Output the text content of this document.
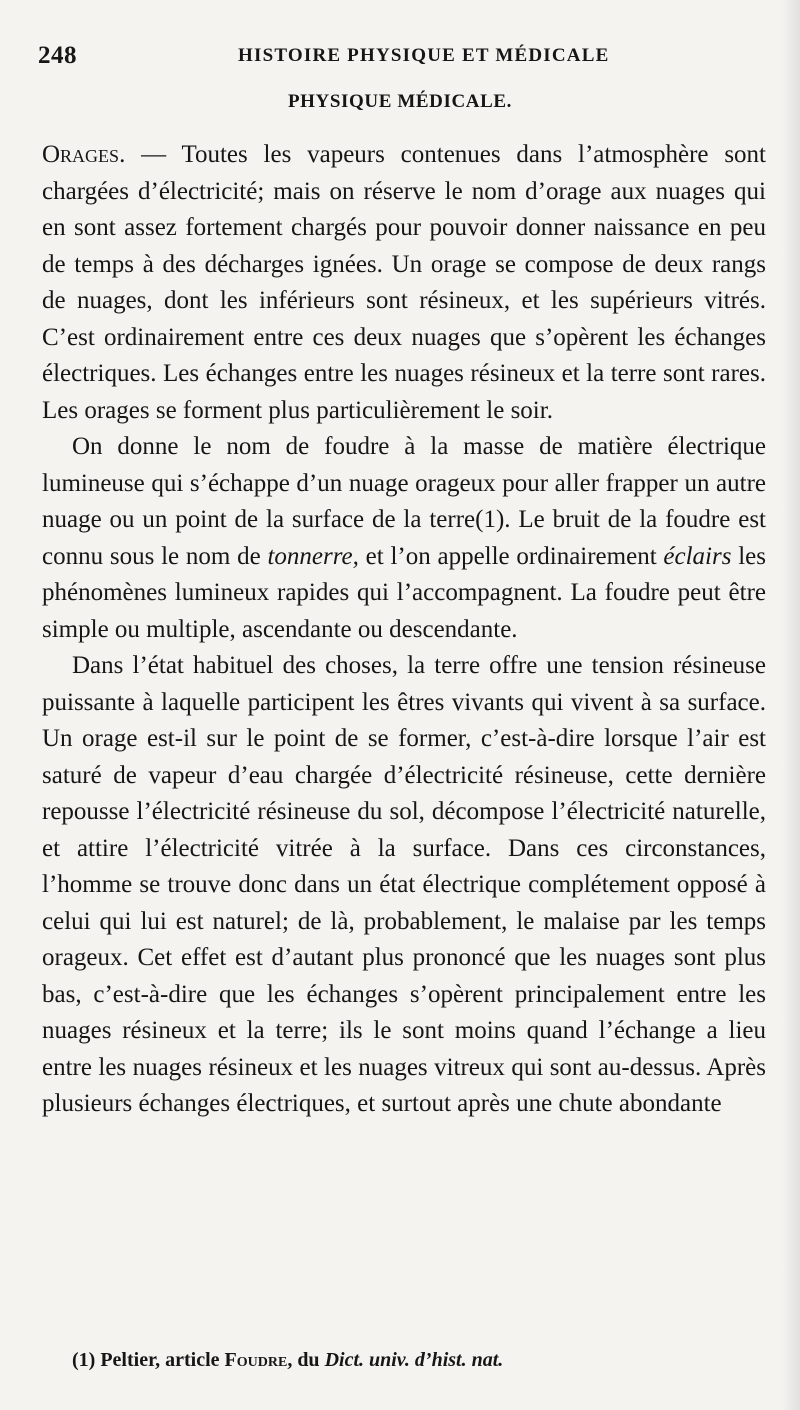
248	HISTOIRE PHYSIQUE ET MÉDICALE
PHYSIQUE MÉDICALE.

Orages. — Toutes les vapeurs contenues dans l’atmosphère sont chargées d’électricité; mais on réserve le nom d’orage aux nuages qui en sont assez fortement chargés pour pouvoir donner naissance en peu de temps à des décharges ignées. Un orage se compose de deux rangs de nuages, dont les inférieurs sont résineux, et les supérieurs vitrés. C’est ordinairement entre ces deux nuages que s’opèrent les échanges électriques. Les échanges entre les nuages résineux et la terre sont rares. Les orages se forment plus particulièrement le soir.

On donne le nom de foudre à la masse de matière électrique lumineuse qui s’échappe d’un nuage orageux pour aller frapper un autre nuage ou un point de la surface de la terre(1). Le bruit de la foudre est connu sous le nom de tonnerre, et l’on appelle ordinairement éclairs les phénomènes lumineux rapides qui l’accompagnent. La foudre peut être simple ou multiple, ascendante ou descendante.

Dans l’état habituel des choses, la terre offre une tension résineuse puissante à laquelle participent les êtres vivants qui vivent à sa surface. Un orage est-il sur le point de se former, c’est-à-dire lorsque l’air est saturé de vapeur d’eau chargée d’électricité résineuse, cette dernière repousse l’électricité résineuse du sol, décompose l’électricité naturelle, et attire l’électricité vitrée à la surface. Dans ces circonstances, l’homme se trouve donc dans un état électrique complétement opposé à celui qui lui est naturel; de là, probablement, le malaise par les temps orageux. Cet effet est d’autant plus prononcé que les nuages sont plus bas, c’est-à-dire que les échanges s’opèrent principalement entre les nuages résineux et la terre; ils le sont moins quand l’échange a lieu entre les nuages résineux et les nuages vitreux qui sont au-dessus. Après plusieurs échanges électriques, et surtout après une chute abondante

(1) Peltier, article Foudre, du Dict. univ. d’hist. nat.
